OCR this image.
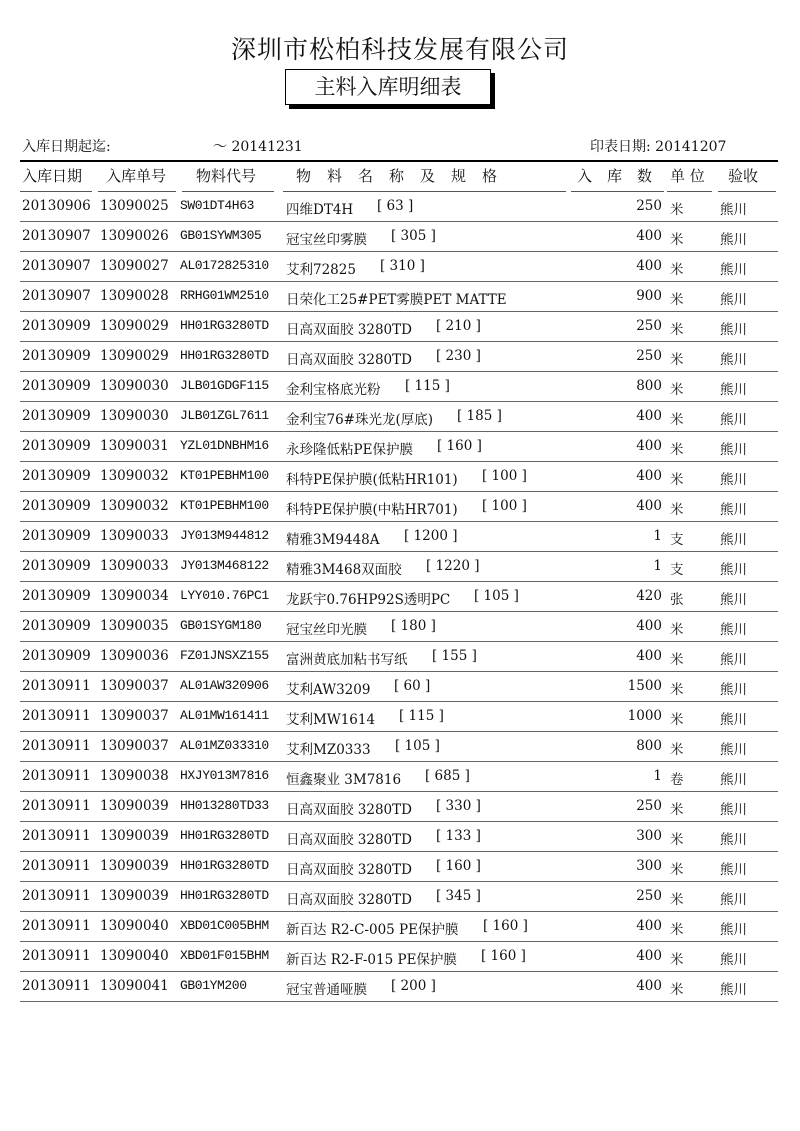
深圳市松柏科技发展有限公司
主料入库明细表
入库日期起迄:	～ 20141231	印表日期: 20141207
入库日期 入库单号 物料代号	物　料　名　称　及　规　格	入　库　数 单 位 验收
20130906 13090025 SW01DT4H63 四维DT4H [ 63 ]	250 米	熊川
20130907 13090026 GB01SYWM305 冠宝丝印雾膜 [ 305 ]	400 米	熊川
20130907 13090027 AL0172825310 艾利72825 [ 310 ]	400 米	熊川
20130907 13090028 RRHG01WM2510 日荣化工25#PET雾膜PET MATTE	900 米	熊川
20130909 13090029 HH01RG3280TD 日高双面胶 3280TD [ 210 ]	250 米	熊川
20130909 13090029 HH01RG3280TD 日高双面胶 3280TD [ 230 ]	250 米	熊川
20130909 13090030 JLB01GDGF115 金利宝格底光粉 [ 115 ]	800 米	熊川
20130909 13090030 JLB01ZGL7611 金利宝76#珠光龙(厚底) [ 185 ]	400 米	熊川
20130909 13090031 YZL01DNBHM16 永珍隆低粘PE保护膜 [ 160 ]	400 米	熊川
20130909 13090032 KT01PEBHM100 科特PE保护膜(低粘HR101) [ 100 ]	400 米	熊川
20130909 13090032 KT01PEBHM100 科特PE保护膜(中粘HR701) [ 100 ]	400 米	熊川
20130909 13090033 JY013M944812 精雅3M9448A [ 1200 ]	1 支	熊川
20130909 13090033 JY013M468122 精雅3M468双面胶 [ 1220 ]	1 支	熊川
20130909 13090034 LYY010.76PC1 龙跃宇0.76HP92S透明PC [ 105 ]	420 张	熊川
20130909 13090035 GB01SYGM180 冠宝丝印光膜 [ 180 ]	400 米	熊川
20130909 13090036 FZ01JNSXZ155 富洲黄底加粘书写纸 [ 155 ]	400 米	熊川
20130911 13090037 AL01AW320906 艾利AW3209 [ 60 ]	1500 米	熊川
20130911 13090037 AL01MW161411 艾利MW1614 [ 115 ]	1000 米	熊川
20130911 13090037 AL01MZ033310 艾利MZ0333 [ 105 ]	800 米	熊川
20130911 13090038 HXJY013M7816 恒鑫聚业 3M7816 [ 685 ]	1 卷	熊川
20130911 13090039 HH013280TD33 日高双面胶 3280TD [ 330 ]	250 米	熊川
20130911 13090039 HH01RG3280TD 日高双面胶 3280TD [ 133 ]	300 米	熊川
20130911 13090039 HH01RG3280TD 日高双面胶 3280TD [ 160 ]	300 米	熊川
20130911 13090039 HH01RG3280TD 日高双面胶 3280TD [ 345 ]	250 米	熊川
20130911 13090040 XBD01C005BHM 新百达 R2-C-005 PE保护膜 [ 160 ]	400 米	熊川
20130911 13090040 XBD01F015BHM 新百达 R2-F-015 PE保护膜 [ 160 ]	400 米	熊川
20130911 13090041 GB01YM200	冠宝普通哑膜 [ 200 ]	400 米	熊川
